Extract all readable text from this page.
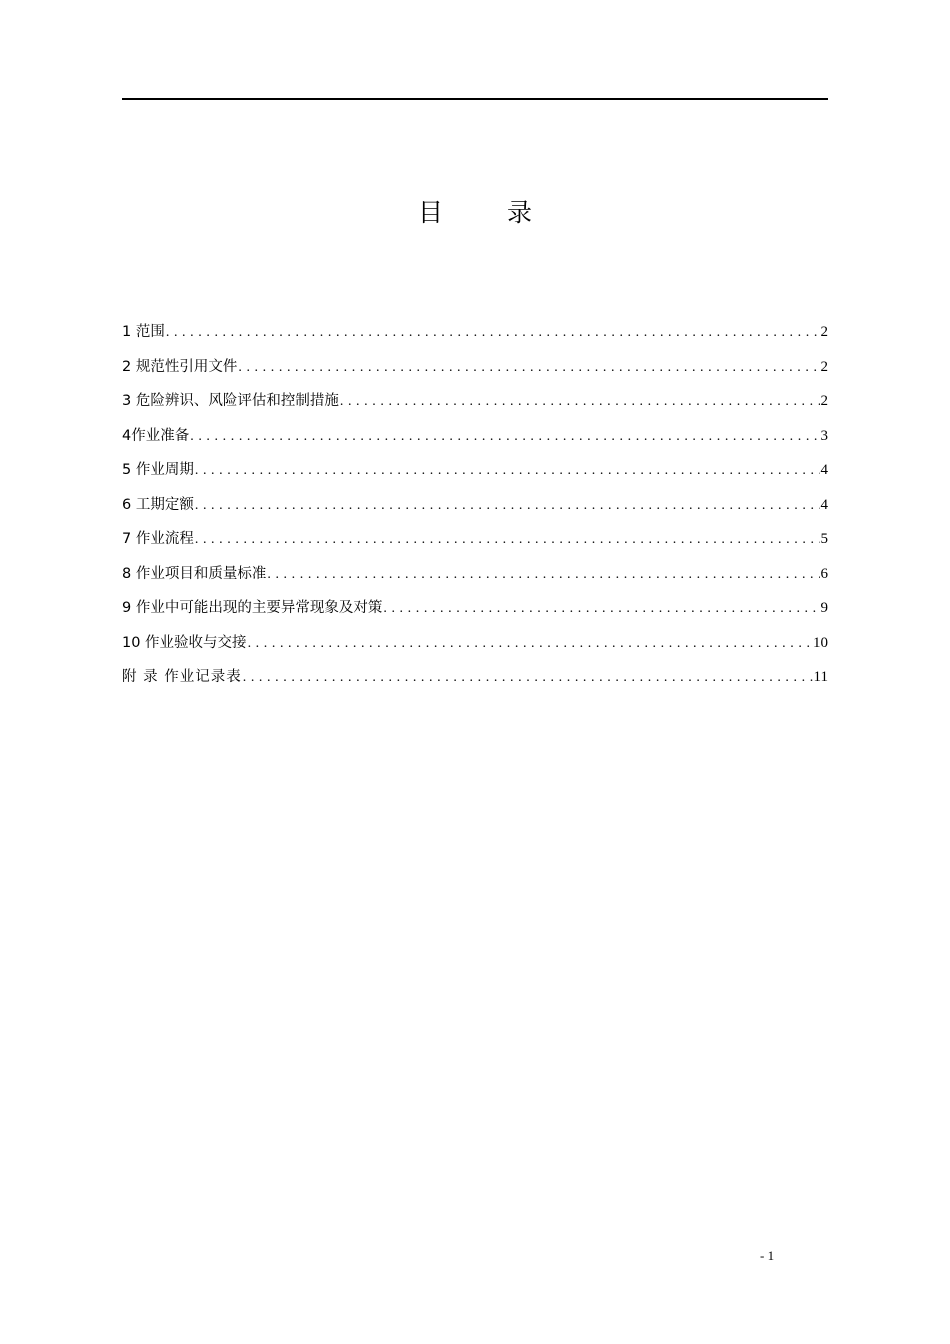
目录
1 范围 .....	2
2 规范性引用文件 .....	2
3 危险辨识、风险评估和控制措施 .....	2
4作业准备 .....	3
5 作业周期 .....	4
6 工期定额 .....	4
7 作业流程 .....	5
8 作业项目和质量标准 .....	6
9 作业中可能出现的主要异常现象及对策 .....	9
10 作业验收与交接 .....	10
附 录 作业记录表 .....	11
- 1
